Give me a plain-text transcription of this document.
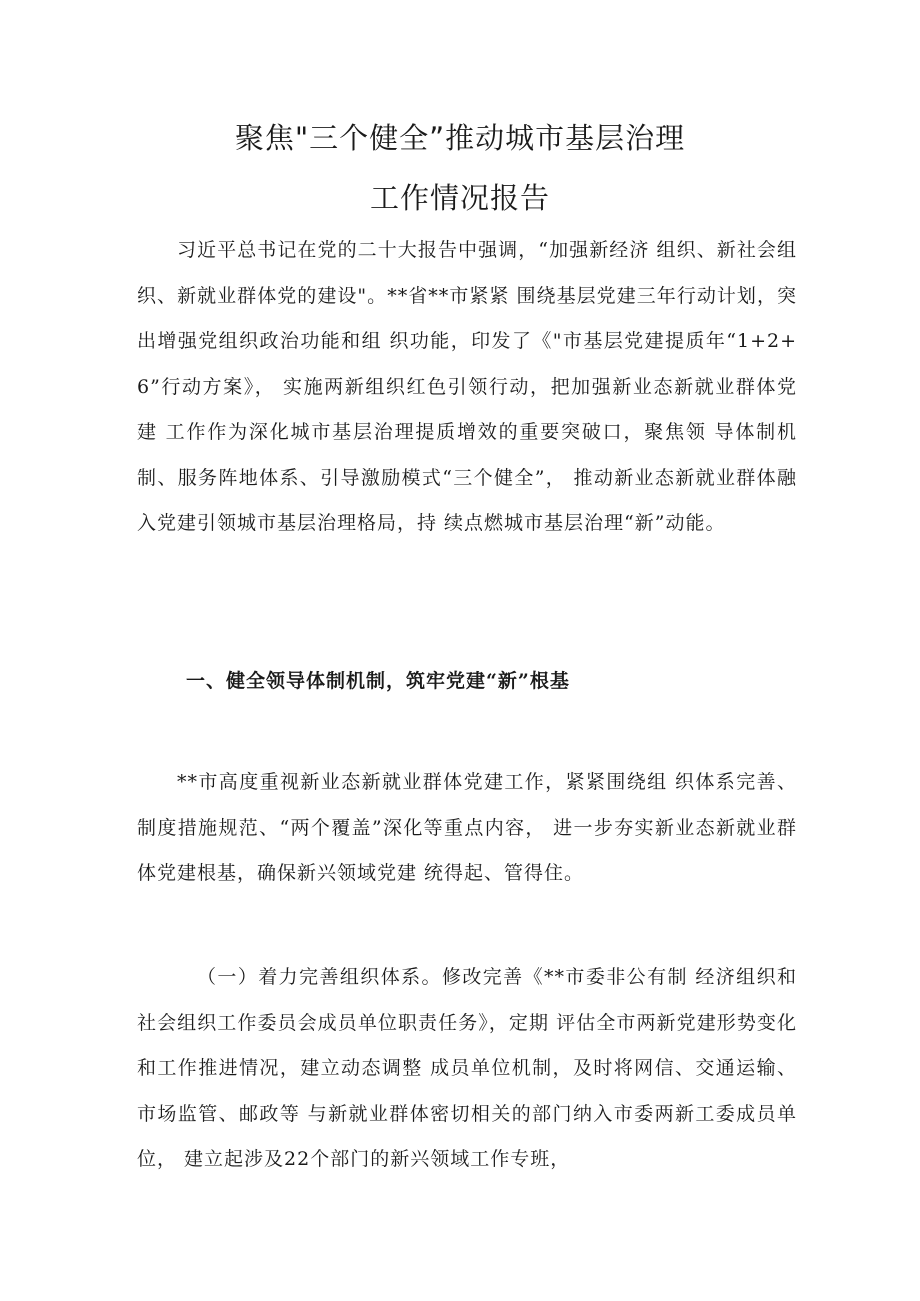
聚焦"三个健全”推动城市基层治理
工作情况报告

习近平总书记在党的二十大报告中强调，“加强新经济 组织、新社会组织、新就业群体党的建设"。**省**市紧紧 围绕基层党建三年行动计划，突出增强党组织政治功能和组 织功能，印发了《"市基层党建提质年“1+2+6”行动方案》， 实施两新组织红色引领行动，把加强新业态新就业群体党建 工作作为深化城市基层治理提质增效的重要突破口，聚焦领 导体制机制、服务阵地体系、引导激励模式“三个健全”， 推动新业态新就业群体融入党建引领城市基层治理格局，持 续点燃城市基层治理“新”动能。

一、健全领导体制机制，筑牢党建“新”根基

**市高度重视新业态新就业群体党建工作，紧紧围绕组 织体系完善、制度措施规范、“两个覆盖”深化等重点内容， 进一步夯实新业态新就业群体党建根基，确保新兴领域党建 统得起、管得住。

（一）着力完善组织体系。修改完善《**市委非公有制 经济组织和社会组织工作委员会成员单位职责任务》，定期 评估全市两新党建形势变化和工作推进情况，建立动态调整 成员单位机制，及时将网信、交通运输、市场监管、邮政等 与新就业群体密切相关的部门纳入市委两新工委成员单位， 建立起涉及22个部门的新兴领域工作专班，
